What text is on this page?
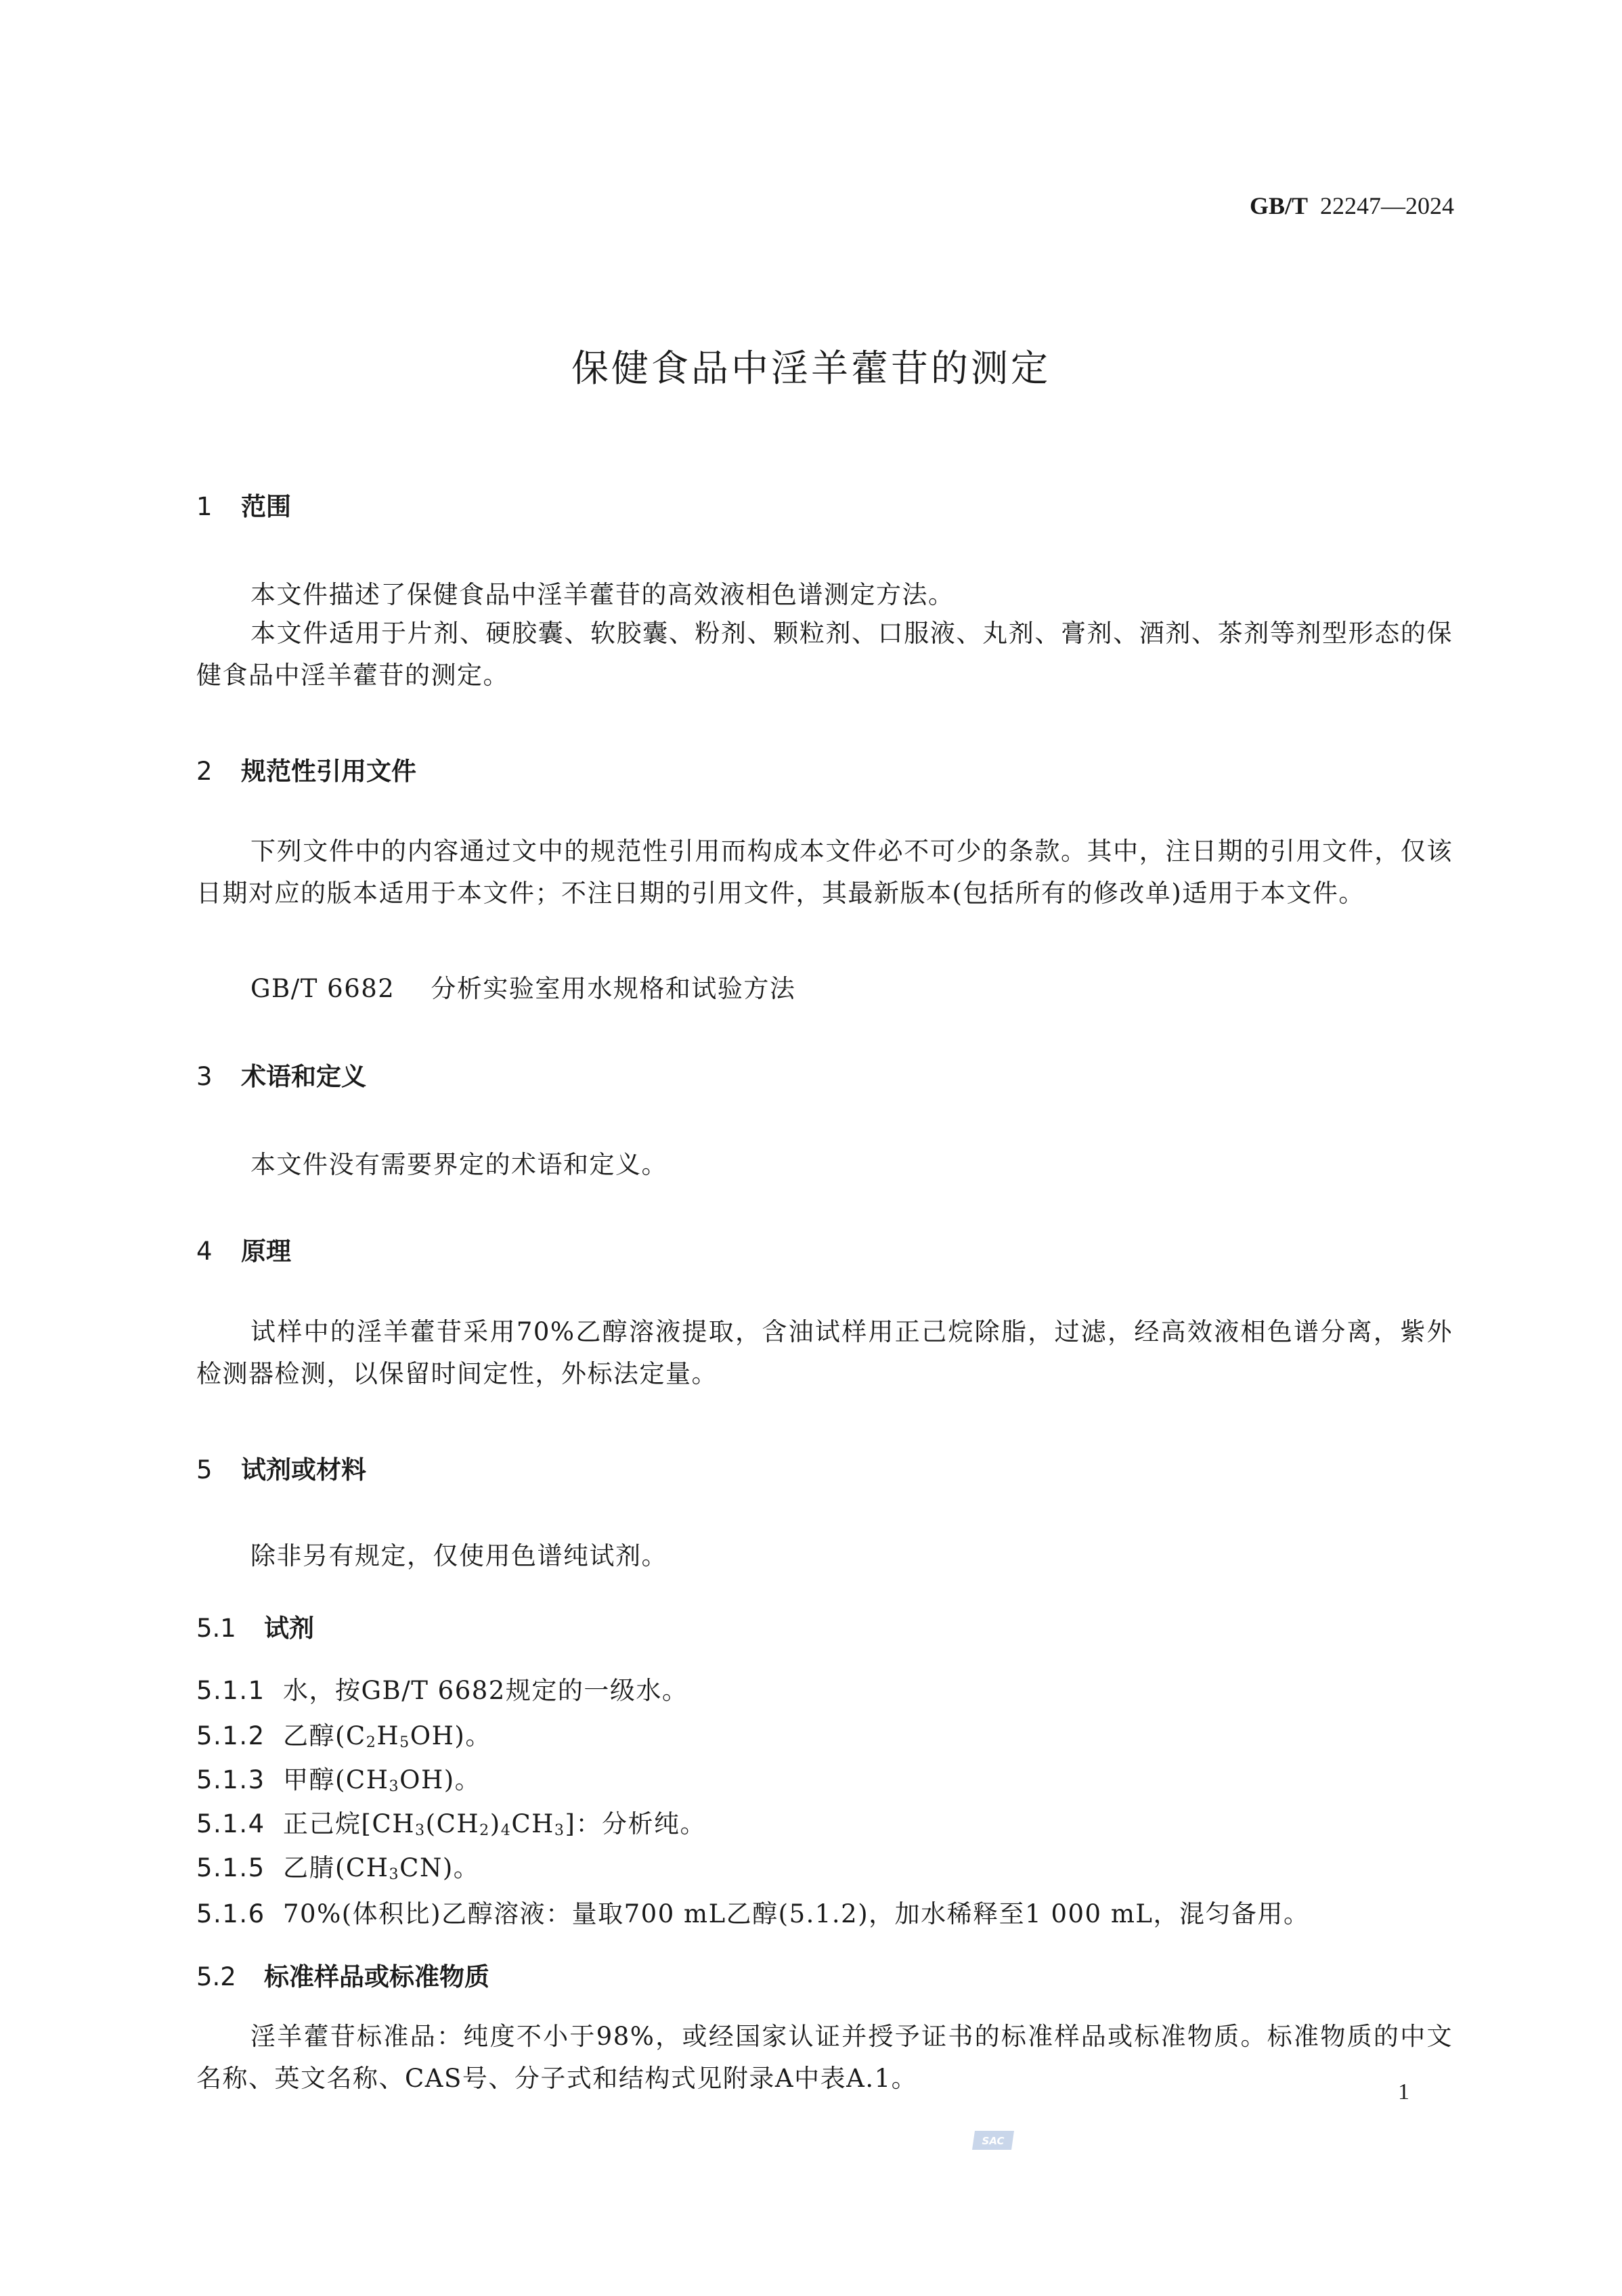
GB/T 22247—2024
保健食品中淫羊藿苷的测定
1 范围
本文件描述了保健食品中淫羊藿苷的高效液相色谱测定方法。
本文件适用于片剂、硬胶囊、软胶囊、粉剂、颗粒剂、口服液、丸剂、膏剂、酒剂、茶剂等剂型形态的保健食品中淫羊藿苷的测定。
2 规范性引用文件
下列文件中的内容通过文中的规范性引用而构成本文件必不可少的条款。其中，注日期的引用文件，仅该日期对应的版本适用于本文件；不注日期的引用文件，其最新版本(包括所有的修改单)适用于本文件。
GB/T 6682 分析实验室用水规格和试验方法
3 术语和定义
本文件没有需要界定的术语和定义。
4 原理
试样中的淫羊藿苷采用70%乙醇溶液提取，含油试样用正己烷除脂，过滤，经高效液相色谱分离，紫外检测器检测，以保留时间定性，外标法定量。
5 试剂或材料
除非另有规定，仅使用色谱纯试剂。
5.1 试剂
5.1.1 水，按GB/T 6682规定的一级水。
5.1.2 乙醇$(C_2H_5OH)$。
5.1.3 甲醇$(CH_3OH)$。
5.1.4 正己烷$[CH_3(CH_2)_4CH_3]$：分析纯。
5.1.5 乙腈$(CH_3CN)$。
5.1.6 70%(体积比)乙醇溶液：量取700 mL乙醇(5.1.2)，加水稀释至1 000 mL，混匀备用。
5.2 标准样品或标准物质
淫羊藿苷标准品：纯度不小于98%，或经国家认证并授予证书的标准样品或标准物质。标准物质的中文名称、英文名称、CAS号、分子式和结构式见附录A中表A.1。	1
SAC
